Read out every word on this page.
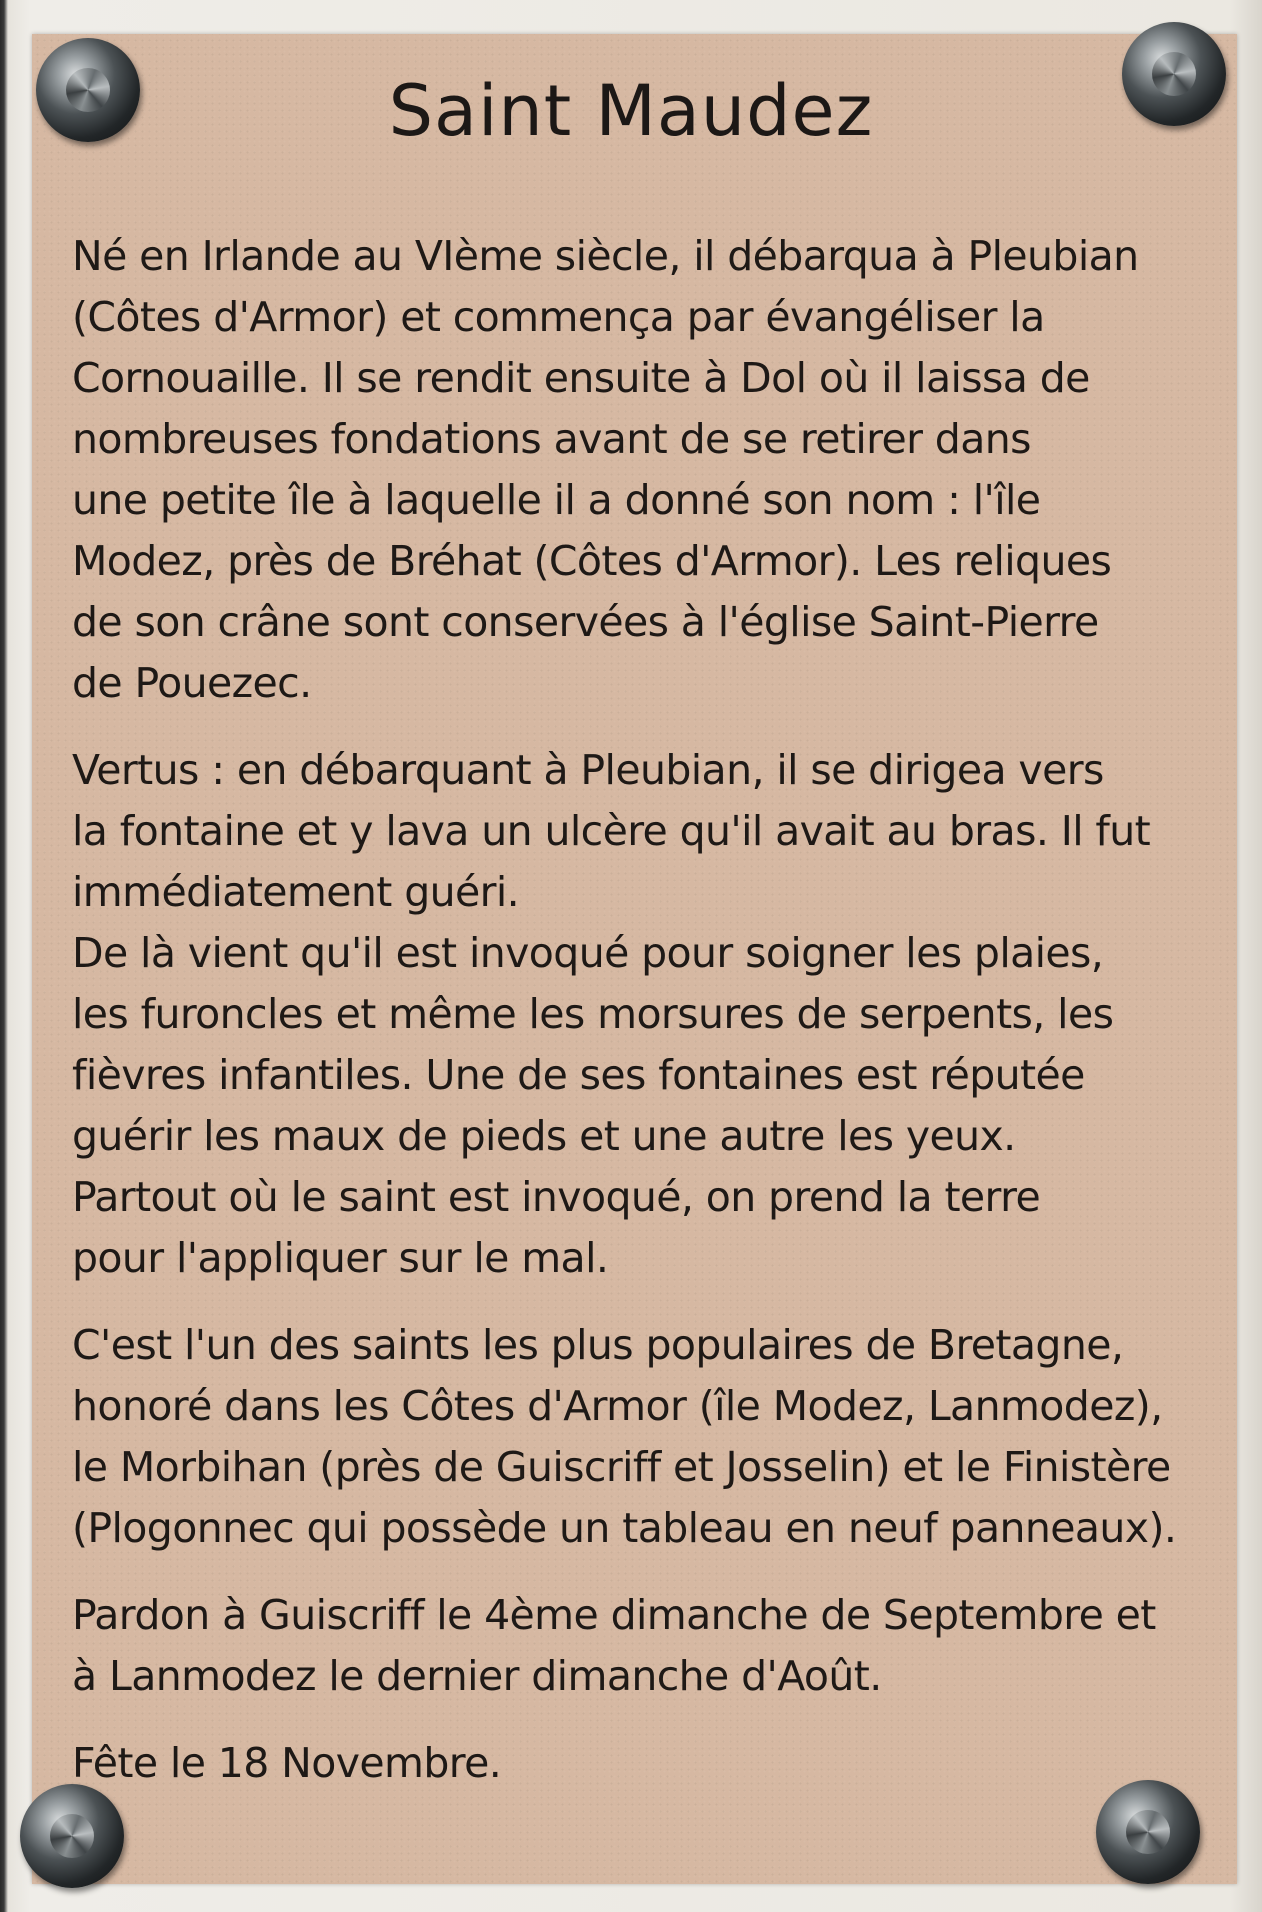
Saint Maudez

Né en Irlande au VIème siècle, il débarqua à Pleubian
(Côtes d'Armor) et commença par évangéliser la
Cornouaille. Il se rendit ensuite à Dol où il laissa de
nombreuses fondations avant de se retirer dans
une petite île à laquelle il a donné son nom : l'île
Modez, près de Bréhat (Côtes d'Armor). Les reliques
de son crâne sont conservées à l'église Saint-Pierre
de Pouezec.

Vertus : en débarquant à Pleubian, il se dirigea vers
la fontaine et y lava un ulcère qu'il avait au bras. Il fut
immédiatement guéri.
De là vient qu'il est invoqué pour soigner les plaies,
les furoncles et même les morsures de serpents, les
fièvres infantiles. Une de ses fontaines est réputée
guérir les maux de pieds et une autre les yeux.
Partout où le saint est invoqué, on prend la terre
pour l'appliquer sur le mal.

C'est l'un des saints les plus populaires de Bretagne,
honoré dans les Côtes d'Armor (île Modez, Lanmodez),
le Morbihan (près de Guiscriff et Josselin) et le Finistère
(Plogonnec qui possède un tableau en neuf panneaux).

Pardon à Guiscriff le 4ème dimanche de Septembre et
à Lanmodez le dernier dimanche d'Août.

Fête le 18 Novembre.
